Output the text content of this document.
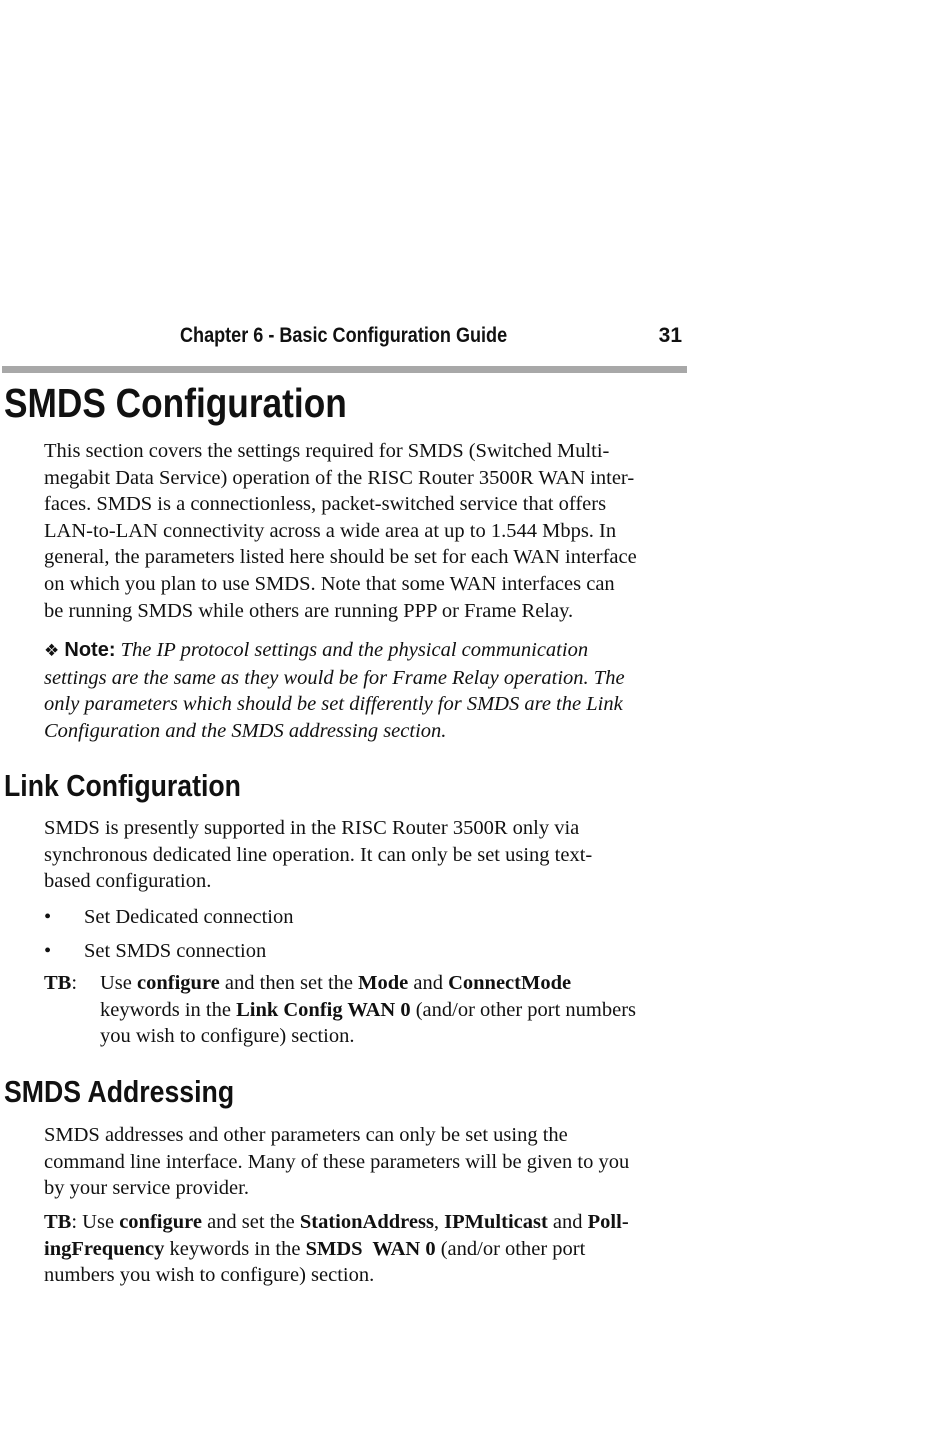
Chapter 6 - Basic Configuration Guide	31
SMDS Configuration

This section covers the settings required for SMDS (Switched Multi-
megabit Data Service) operation of the RISC Router 3500R WAN inter-
faces. SMDS is a connectionless, packet-switched service that offers
LAN-to-LAN connectivity across a wide area at up to 1.544 Mbps. In
general, the parameters listed here should be set for each WAN interface
on which you plan to use SMDS. Note that some WAN interfaces can
be running SMDS while others are running PPP or Frame Relay.

❖ Note: The IP protocol settings and the physical communication
settings are the same as they would be for Frame Relay operation. The
only parameters which should be set differently for SMDS are the Link
Configuration and the SMDS addressing section.

Link Configuration

SMDS is presently supported in the RISC Router 3500R only via
synchronous dedicated line operation. It can only be set using text-
based configuration.

• Set Dedicated connection
• Set SMDS connection
TB: Use configure and then set the Mode and ConnectMode
keywords in the Link Config WAN 0 (and/or other port numbers
you wish to configure) section.
SMDS Addressing

SMDS addresses and other parameters can only be set using the
command line interface. Many of these parameters will be given to you
by your service provider.

TB: Use configure and set the StationAddress, IPMulticast and Poll-
ingFrequency keywords in the SMDS  WAN 0 (and/or other port
numbers you wish to configure) section.
